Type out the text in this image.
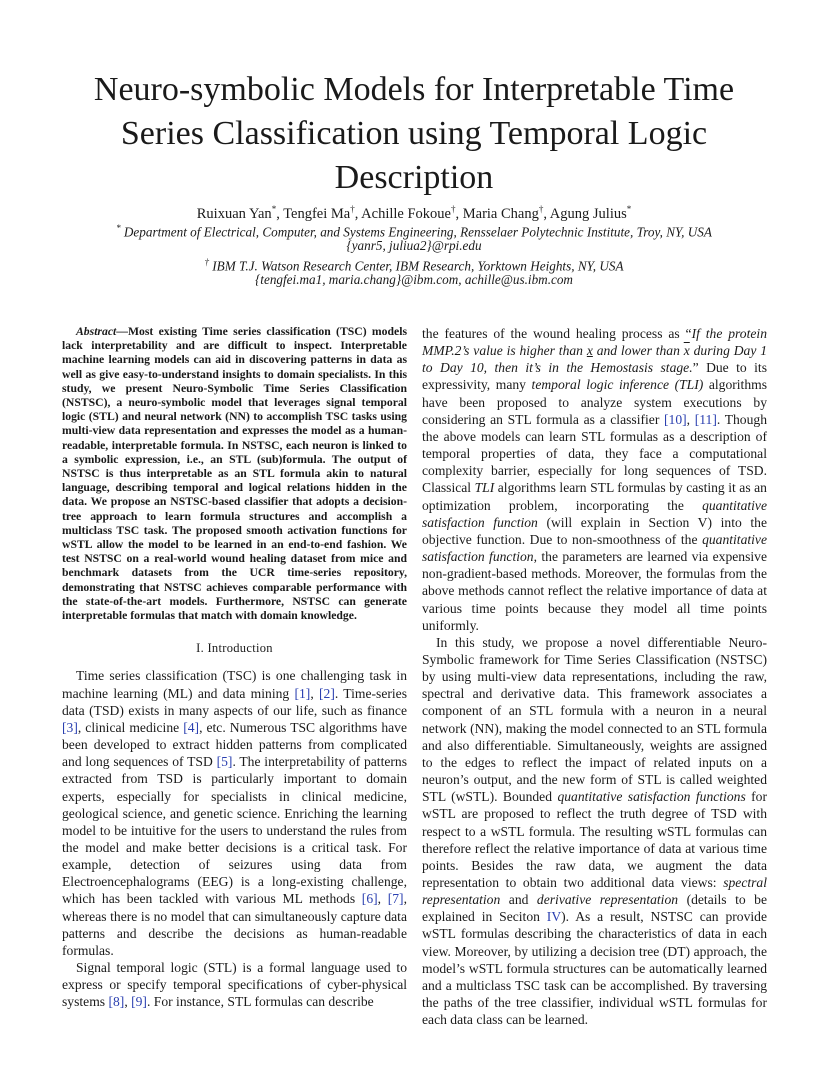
Neuro-symbolic Models for Interpretable Time
Series Classification using Temporal Logic
Description
Ruixuan Yan*, Tengfei Ma†, Achille Fokoue†, Maria Chang†, Agung Julius*
* Department of Electrical, Computer, and Systems Engineering, Rensselaer Polytechnic Institute, Troy, NY, USA
{yanr5, juliua2}@rpi.edu
† IBM T.J. Watson Research Center, IBM Research, Yorktown Heights, NY, USA
{tengfei.ma1, maria.chang}@ibm.com, achille@us.ibm.com

Abstract—Most existing Time series classification (TSC) models lack interpretability and are difficult to inspect. Interpretable machine learning models can aid in discovering patterns in data as well as give easy-to-understand insights to domain specialists. In this study, we present Neuro-Symbolic Time Series Classification (NSTSC), a neuro-symbolic model that leverages signal temporal logic (STL) and neural network (NN) to accomplish TSC tasks using multi-view data representation and expresses the model as a human-readable, interpretable formula. In NSTSC, each neuron is linked to a symbolic expression, i.e., an STL (sub)formula. The output of NSTSC is thus interpretable as an STL formula akin to natural language, describing temporal and logical relations hidden in the data. We propose an NSTSC-based classifier that adopts a decision-tree approach to learn formula structures and accomplish a multiclass TSC task. The proposed smooth activation functions for wSTL allow the model to be learned in an end-to-end fashion. We test NSTSC on a real-world wound healing dataset from mice and benchmark datasets from the UCR time-series repository, demonstrating that NSTSC achieves comparable performance with the state-of-the-art models. Furthermore, NSTSC can generate interpretable formulas that match with domain knowledge.

I. Introduction

Time series classification (TSC) is one challenging task in machine learning (ML) and data mining [1], [2]. Time-series data (TSD) exists in many aspects of our life, such as finance [3], clinical medicine [4], etc. Numerous TSC algorithms have been developed to extract hidden patterns from complicated and long sequences of TSD [5]. The interpretability of patterns extracted from TSD is particularly important to domain experts, especially for specialists in clinical medicine, geological science, and genetic science. Enriching the learning model to be intuitive for the users to understand the rules from the model and make better decisions is a critical task. For example, detection of seizures using data from Electroencephalograms (EEG) is a long-existing challenge, which has been tackled with various ML methods [6], [7], whereas there is no model that can simultaneously capture data patterns and describe the decisions as human-readable formulas.

Signal temporal logic (STL) is a formal language used to express or specify temporal specifications of cyber-physical systems [8], [9]. For instance, STL formulas can describe

the features of the wound healing process as “If the protein MMP.2’s value is higher than x and lower than $\overline{x}$ during Day 1 to Day 10, then it’s in the Hemostasis stage.” Due to its expressivity, many temporal logic inference (TLI) algorithms have been proposed to analyze system executions by considering an STL formula as a classifier [10], [11]. Though the above models can learn STL formulas as a description of temporal properties of data, they face a computational complexity barrier, especially for long sequences of TSD. Classical TLI algorithms learn STL formulas by casting it as an optimization problem, incorporating the quantitative satisfaction function (will explain in Section V) into the objective function. Due to non-smoothness of the quantitative satisfaction function, the parameters are learned via expensive non-gradient-based methods. Moreover, the formulas from the above methods cannot reflect the relative importance of data at various time points because they model all time points uniformly.

In this study, we propose a novel differentiable Neuro-Symbolic framework for Time Series Classification (NSTSC) by using multi-view data representations, including the raw, spectral and derivative data. This framework associates a component of an STL formula with a neuron in a neural network (NN), making the model connected to an STL formula and also differentiable. Simultaneously, weights are assigned to the edges to reflect the impact of related inputs on a neuron’s output, and the new form of STL is called weighted STL (wSTL). Bounded quantitative satisfaction functions for wSTL are proposed to reflect the truth degree of TSD with respect to a wSTL formula. The resulting wSTL formulas can therefore reflect the relative importance of data at various time points. Besides the raw data, we augment the data representation to obtain two additional data views: spectral representation and derivative representation (details to be explained in Seciton IV). As a result, NSTSC can provide wSTL formulas describing the characteristics of data in each view. Moreover, by utilizing a decision tree (DT) approach, the model’s wSTL formula structures can be automatically learned and a multiclass TSC task can be accomplished. By traversing the paths of the tree classifier, individual wSTL formulas for each data class can be learned.
